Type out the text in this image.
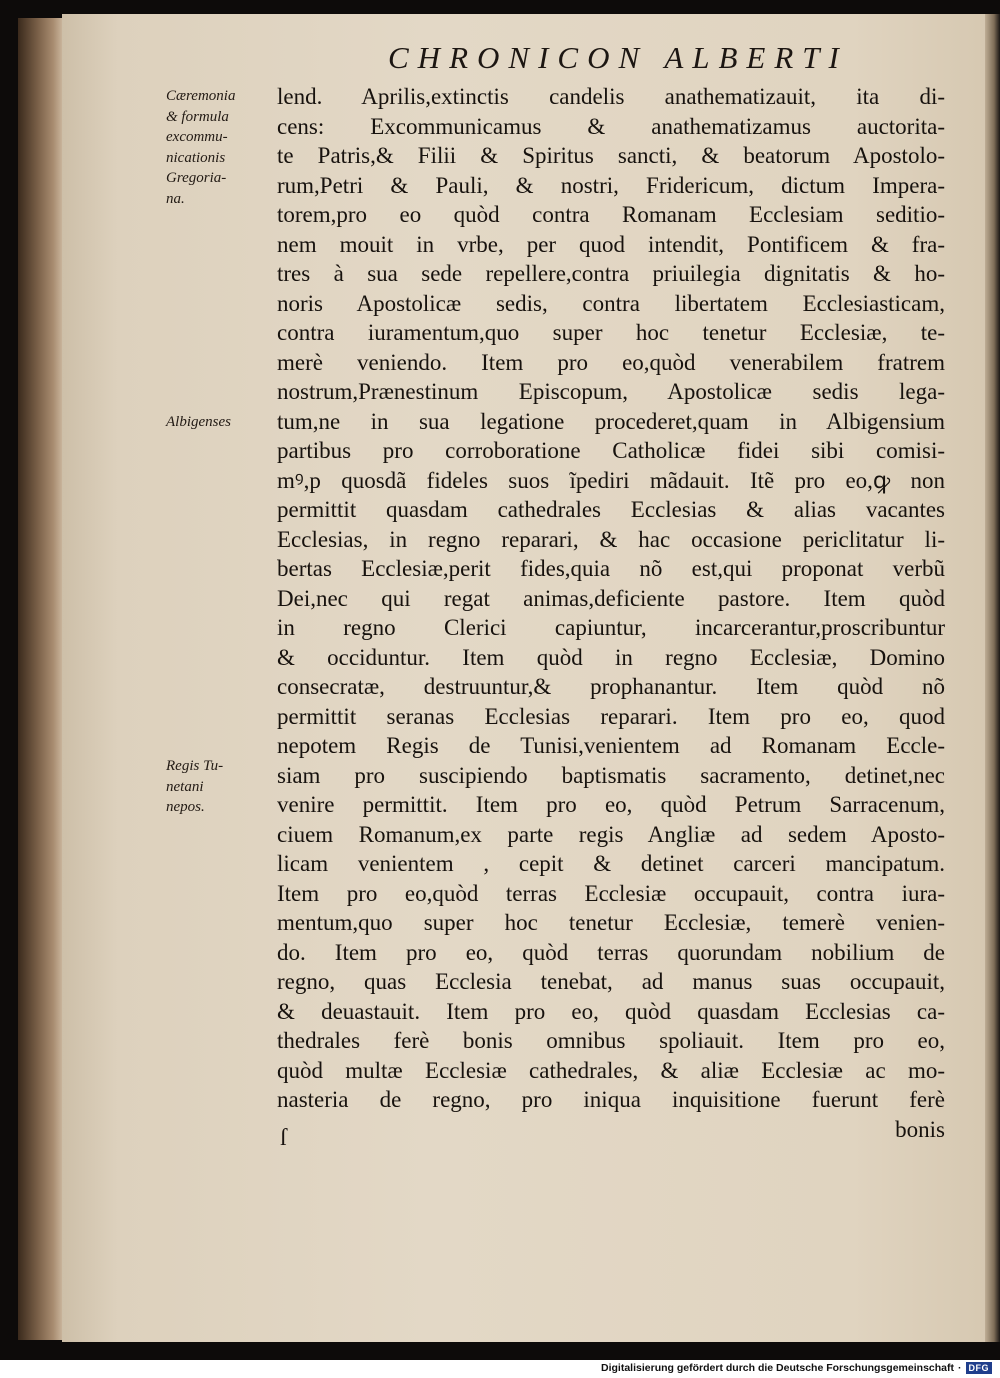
CHRONICON ALBERTI
Cæremonia
& formula
excommu-
nicationis
Gregoria-
na.
Albigenses
Regis Tu-
netani
nepos.
lend. Aprilis,extinctis candelis anathematizauit, ita di-
cens: Excommunicamus & anathematizamus auctorita-
te Patris,& Filii & Spiritus sancti, & beatorum Apostolo-
rum,Petri & Pauli, & nostri, Fridericum, dictum Impera-
torem,pro eo quòd contra Romanam Ecclesiam seditio-
nem mouit in vrbe, per quod intendit, Pontificem & fra-
tres à sua sede repellere,contra priuilegia dignitatis & ho-
noris Apostolicæ sedis, contra libertatem Ecclesiasticam,
contra iuramentum,quo super hoc tenetur Ecclesiæ, te-
merè veniendo. Item pro eo,quòd venerabilem fratrem
nostrum,Prænestinum Episcopum, Apostolicæ sedis lega-
tum,ne in sua legatione procederet,quam in Albigensium
partibus pro corroboratione Catholicæ fidei sibi comisi-
mꝰ,p quosdã fideles suos ĩpediri mãdauit. Itẽ pro eo,ꝙ non
permittit quasdam cathedrales Ecclesias & alias vacantes
Ecclesias, in regno reparari, & hac occasione periclitatur li-
bertas Ecclesiæ,perit fides,quia nõ est,qui proponat verbũ
Dei,nec qui regat animas,deficiente pastore. Item quòd
in regno Clerici capiuntur, incarcerantur,proscribuntur
& occiduntur. Item quòd in regno Ecclesiæ, Domino
consecratæ, destruuntur,& prophanantur. Item quòd nõ
permittit seranas Ecclesias reparari. Item pro eo, quod
nepotem Regis de Tunisi,venientem ad Romanam Eccle-
siam pro suscipiendo baptismatis sacramento, detinet,nec
venire permittit. Item pro eo, quòd Petrum Sarracenum,
ciuem Romanum,ex parte regis Angliæ ad sedem Aposto-
licam venientem , cepit & detinet carceri mancipatum.
Item pro eo,quòd terras Ecclesiæ occupauit, contra iura-
mentum,quo super hoc tenetur Ecclesiæ, temerè venien-
do. Item pro eo, quòd terras quorundam nobilium de
regno, quas Ecclesia tenebat, ad manus suas occupauit,
& deuastauit. Item pro eo, quòd quasdam Ecclesias ca-
thedrales ferè bonis omnibus spoliauit. Item pro eo,
quòd multæ Ecclesiæ cathedrales, & aliæ Ecclesiæ ac mo-
nasteria de regno, pro iniqua inquisitione fuerunt ferè
bonis
ſ
Digitalisierung gefördert durch die Deutsche Forschungsgemeinschaft · DFG
